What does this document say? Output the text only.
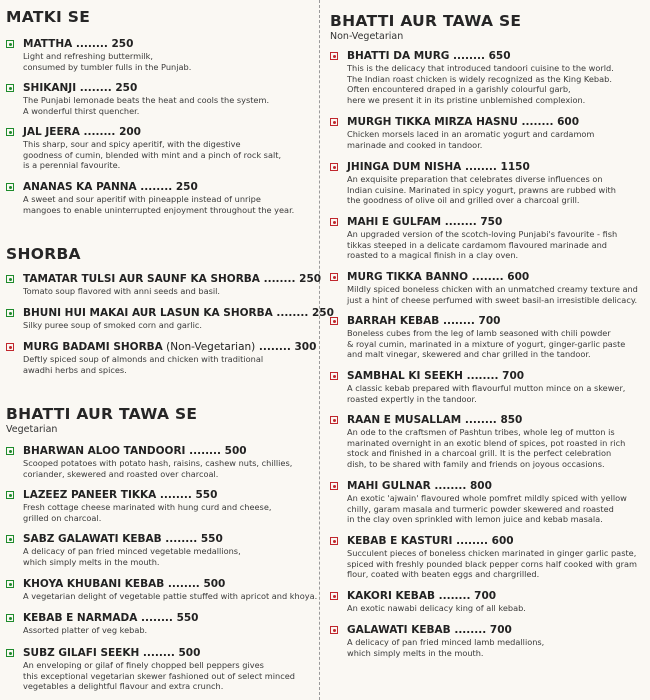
MATKI SE
MATTHA ........ 250
Light and refreshing buttermilk,
consumed by tumbler fulls in the Punjab.
SHIKANJI ........ 250
The Punjabi lemonade beats the heat and cools the system.
A wonderful thirst quencher.
JAL JEERA ........ 200
This sharp, sour and spicy aperitif, with the digestive
goodness of cumin, blended with mint and a pinch of rock salt,
is a perennial favourite.
ANANAS KA PANNA ........ 250
A sweet and sour aperitif with pineapple instead of unripe
mangoes to enable uninterrupted enjoyment throughout the year.
SHORBA
TAMATAR TULSI AUR SAUNF KA SHORBA ........ 250
Tomato soup flavored with anni seeds and basil.
BHUNI HUI MAKAI AUR LASUN KA SHORBA ........ 250
Silky puree soup of smoked corn and garlic.
MURG BADAMI SHORBA (Non-Vegetarian) ........ 300
Deftly spiced soup of almonds and chicken with traditional
awadhi herbs and spices.
BHATTI AUR TAWA SE
Vegetarian
BHARWAN ALOO TANDOORI ........ 500
Scooped potatoes with potato hash, raisins, cashew nuts, chillies,
coriander, skewered and roasted over charcoal.
LAZEEZ PANEER TIKKA ........ 550
Fresh cottage cheese marinated with hung curd and cheese,
grilled on charcoal.
SABZ GALAWATI KEBAB ........ 550
A delicacy of pan fried minced vegetable medallions,
which simply melts in the mouth.
KHOYA KHUBANI KEBAB ........ 500
A vegetarian delight of vegetable pattie stuffed with apricot and khoya.
KEBAB E NARMADA ........ 550
Assorted platter of veg kebab.
SUBZ GILAFI SEEKH ........ 500
An enveloping or gilaf of finely chopped bell peppers gives
this exceptional vegetarian skewer fashioned out of select minced
vegetables a delightful flavour and extra crunch.
BHATTI AUR TAWA SE
Non-Vegetarian
BHATTI DA MURG ........ 650
This is the delicacy that introduced tandoori cuisine to the world.
The Indian roast chicken is widely recognized as the King Kebab.
Often encountered draped in a garishly colourful garb,
here we present it in its pristine unblemished complexion.
MURGH TIKKA MIRZA HASNU ........ 600
Chicken morsels laced in an aromatic yogurt and cardamom
marinade and cooked in tandoor.
JHINGA DUM NISHA ........ 1150
An exquisite preparation that celebrates diverse influences on
Indian cuisine. Marinated in spicy yogurt, prawns are rubbed with
the goodness of olive oil and grilled over a charcoal grill.
MAHI E GULFAM ........ 750
An upgraded version of the scotch-loving Punjabi's favourite - fish
tikkas steeped in a delicate cardamom flavoured marinade and
roasted to a magical finish in a clay oven.
MURG TIKKA BANNO ........ 600
Mildly spiced boneless chicken with an unmatched creamy texture and
just a hint of cheese perfumed with sweet basil-an irresistible delicacy.
BARRAH KEBAB ........ 700
Boneless cubes from the leg of lamb seasoned with chili powder
& royal cumin, marinated in a mixture of yogurt, ginger-garlic paste
and malt vinegar, skewered and char grilled in the tandoor.
SAMBHAL KI SEEKH ........ 700
A classic kebab prepared with flavourful mutton mince on a skewer,
roasted expertly in the tandoor.
RAAN E MUSALLAM ........ 850
An ode to the craftsmen of Pashtun tribes, whole leg of mutton is
marinated overnight in an exotic blend of spices, pot roasted in rich
stock and finished in a charcoal grill. It is the perfect celebration
dish, to be shared with family and friends on joyous occasions.
MAHI GULNAR ........ 800
An exotic 'ajwain' flavoured whole pomfret mildly spiced with yellow
chilly, garam masala and turmeric powder skewered and roasted
in the clay oven sprinkled with lemon juice and kebab masala.
KEBAB E KASTURI ........ 600
Succulent pieces of boneless chicken marinated in ginger garlic paste,
spiced with freshly pounded black pepper corns half cooked with gram
flour, coated with beaten eggs and chargrilled.
KAKORI KEBAB ........ 700
An exotic nawabi delicacy king of all kebab.
GALAWATI KEBAB ........ 700
A delicacy of pan fried minced lamb medallions,
which simply melts in the mouth.
